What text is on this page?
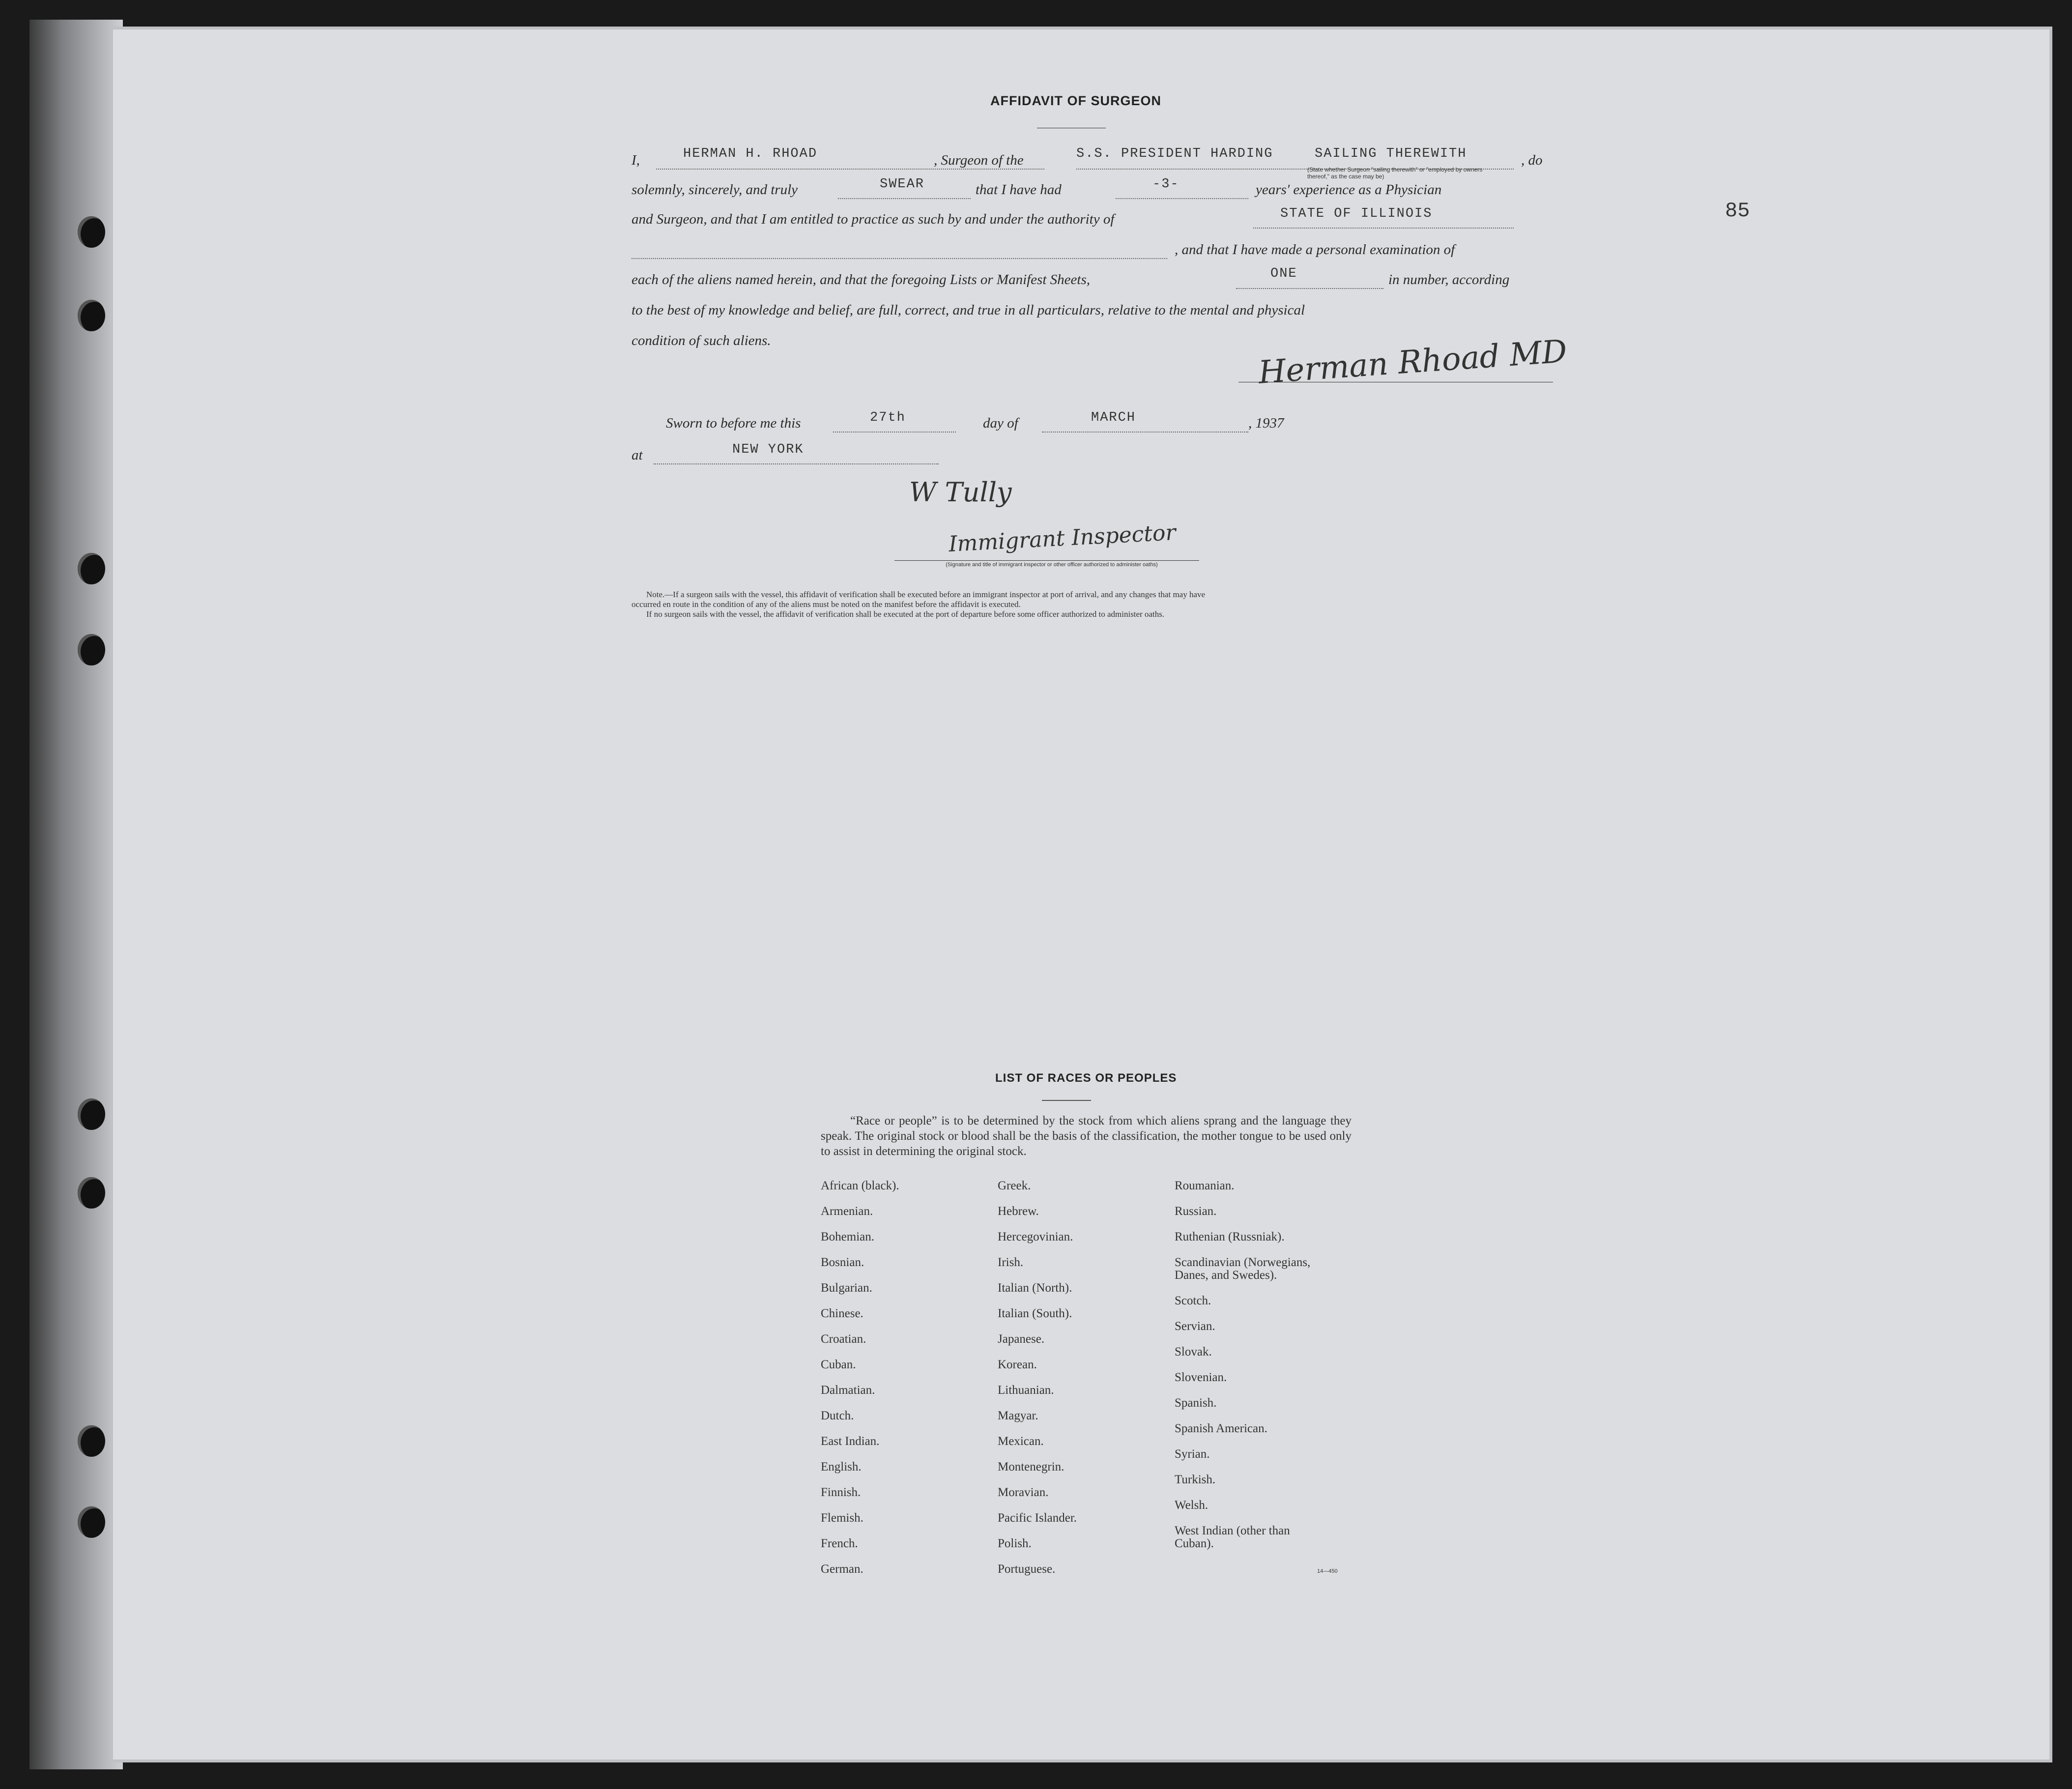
85
AFFIDAVIT OF SURGEON
I,	HERMAN H. RHOAD	, Surgeon of the	S.S. PRESIDENT HARDING	SAILING THEREWITH
(State whether Surgeon "sailing therewith" or "employed by owners thereof," as the case may be)
, do
solemnly, sincerely, and truly	SWEAR	that I have had	-3-	years' experience as a Physician
and Surgeon, and that I am entitled to practice as such by and under the authority of	STATE OF ILLINOIS
, and that I have made a personal examination of
each of the aliens named herein, and that the foregoing Lists or Manifest Sheets,	ONE	in number, according
to the best of my knowledge and belief, are full, correct, and true in all particulars, relative to the mental and physical
condition of such aliens.	Herman Rhoad MD
Sworn to before me this	27th	day of	MARCH	, 1937
at	NEW YORK
W Tully
Immigrant Inspector
(Signature and title of immigrant inspector or other officer authorized to administer oaths)
Note.—If a surgeon sails with the vessel, this affidavit of verification shall be executed before an immigrant inspector at port of arrival, and any changes that may have
occurred en route in the condition of any of the aliens must be noted on the manifest before the affidavit is executed.
If no surgeon sails with the vessel, the affidavit of verification shall be executed at the port of departure before some officer authorized to administer oaths.
LIST OF RACES OR PEOPLES
“Race or people” is to be determined by the stock from which aliens sprang and the language they speak. The original stock or blood shall be the basis of the classification, the mother tongue to be used only to assist in determining the original stock.
African (black).
Armenian.
Bohemian.
Bosnian.
Bulgarian.
Chinese.
Croatian.
Cuban.
Dalmatian.
Dutch.
East Indian.
English.
Finnish.
Flemish.
French.
German.
Greek.
Hebrew.
Hercegovinian.
Irish.
Italian (North).
Italian (South).
Japanese.
Korean.
Lithuanian.
Magyar.
Mexican.
Montenegrin.
Moravian.
Pacific Islander.
Polish.
Portuguese.
Roumanian.
Russian.
Ruthenian (Russniak).
Scandinavian (Norwegians,
Danes, and Swedes).
Scotch.
Servian.
Slovak.
Slovenian.
Spanish.
Spanish American.
Syrian.
Turkish.
Welsh.
West Indian (other than
Cuban).
14—450
